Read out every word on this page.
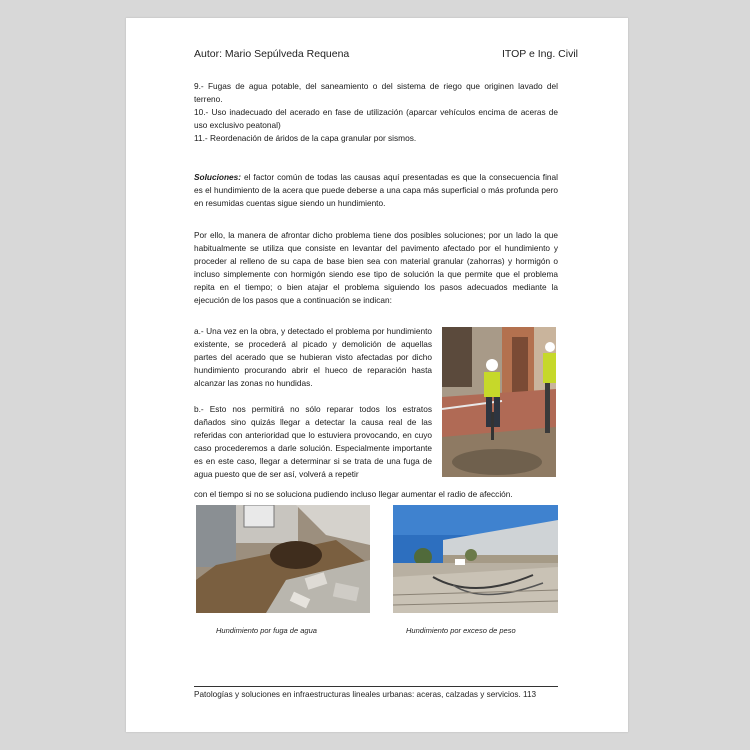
Autor: Mario Sepúlveda Requena	ITOP e Ing. Civil

9.- Fugas de agua potable, del saneamiento o del sistema de riego que originen lavado del terreno.

10.- Uso inadecuado del acerado en fase de utilización (aparcar vehículos encima de aceras de uso exclusivo peatonal)

11.- Reordenación de áridos de la capa granular por sismos.

Soluciones: el factor común de todas las causas aquí presentadas es que la consecuencia final es el hundimiento de la acera que puede deberse a una capa más superficial o más profunda pero en resumidas cuentas sigue siendo un hundimiento.

Por ello, la manera de afrontar dicho problema tiene dos posibles soluciones; por un lado la que habitualmente se utiliza que consiste en levantar del pavimento afectado por el hundimiento y proceder al relleno de su capa de base bien sea con material granular (zahorras) y hormigón o incluso simplemente con hormigón siendo ese tipo de solución la que permite que el problema repita en el tiempo; o bien atajar el problema siguiendo los pasos adecuados mediante la ejecución de los pasos que a continuación se indican:

a.- Una vez en la obra, y detectado el problema por hundimiento existente, se procederá al picado y demolición de aquellas partes del acerado que se hubieran visto afectadas por dicho hundimiento procurando abrir el hueco de reparación hasta alcanzar las zonas no hundidas.

b.- Esto nos permitirá no sólo reparar todos los estratos dañados sino quizás llegar a detectar la causa real de las referidas con anterioridad que lo estuviera provocando, en cuyo caso procederemos a darle solución. Especialmente importante es en este caso, llegar a determinar si se trata de una fuga de agua puesto que de ser así, volverá a repetir

con el tiempo si no se soluciona pudiendo incluso llegar aumentar el radio de afección.

Hundimiento por fuga de agua	Hundimiento por exceso de peso
Patologías y soluciones en infraestructuras lineales urbanas: aceras, calzadas y servicios. 113
